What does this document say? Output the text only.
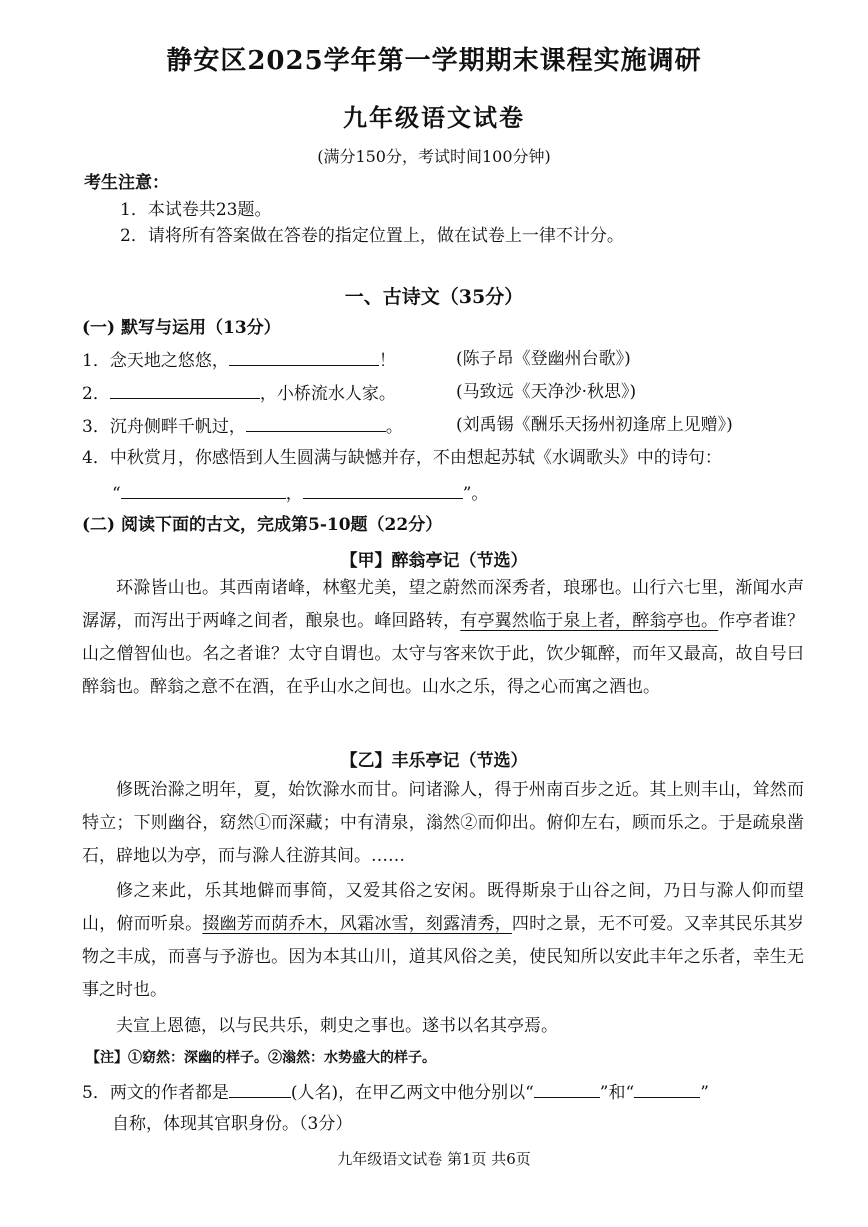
静安区2025学年第一学期期末课程实施调研
九年级语文试卷
(满分150分，考试时间100分钟)
考生注意：
1．本试卷共23题。
2．请将所有答案做在答卷的指定位置上，做在试卷上一律不计分。
一、古诗文（35分）
(一) 默写与运用（13分）
1．念天地之悠悠，	！	(陈子昂《登幽州台歌》)
2．	，小桥流水人家。	(马致远《天净沙·秋思》)
3．沉舟侧畔千帆过，	。	(刘禹锡《酬乐天扬州初逢席上见赠》)
4．中秋赏月，你感悟到人生圆满与缺憾并存，不由想起苏轼《水调歌头》中的诗句：
“	，	”。
(二) 阅读下面的古文，完成第5-10题（22分）
【甲】醉翁亭记（节选）
环滁皆山也。其西南诸峰，林壑尤美，望之蔚然而深秀者，琅琊也。山行六七里，渐闻水声潺潺，而泻出于两峰之间者，酿泉也。峰回路转，有亭翼然临于泉上者，醉翁亭也。作亭者谁？山之僧智仙也。名之者谁？太守自谓也。太守与客来饮于此，饮少辄醉，而年又最高，故自号曰醉翁也。醉翁之意不在酒，在乎山水之间也。山水之乐，得之心而寓之酒也。
【乙】丰乐亭记（节选）
修既治滁之明年，夏，始饮滁水而甘。问诸滁人，得于州南百步之近。其上则丰山，耸然而特立；下则幽谷，窈然①而深藏；中有清泉，滃然②而仰出。俯仰左右，顾而乐之。于是疏泉凿石，辟地以为亭，而与滁人往游其间。……
修之来此，乐其地僻而事简，又爱其俗之安闲。既得斯泉于山谷之间，乃日与滁人仰而望山，俯而听泉。掇幽芳而荫乔木，风霜冰雪，刻露清秀，四时之景，无不可爱。又幸其民乐其岁物之丰成，而喜与予游也。因为本其山川，道其风俗之美，使民知所以安此丰年之乐者，幸生无事之时也。
夫宣上恩德，以与民共乐，刺史之事也。遂书以名其亭焉。
【注】①窈然：深幽的样子。②滃然：水势盛大的样子。
5．两文的作者都是	(人名)，在甲乙两文中他分别以“	”和“	”
自称，体现其官职身份。（3分）
九年级语文试卷 第1页 共6页
